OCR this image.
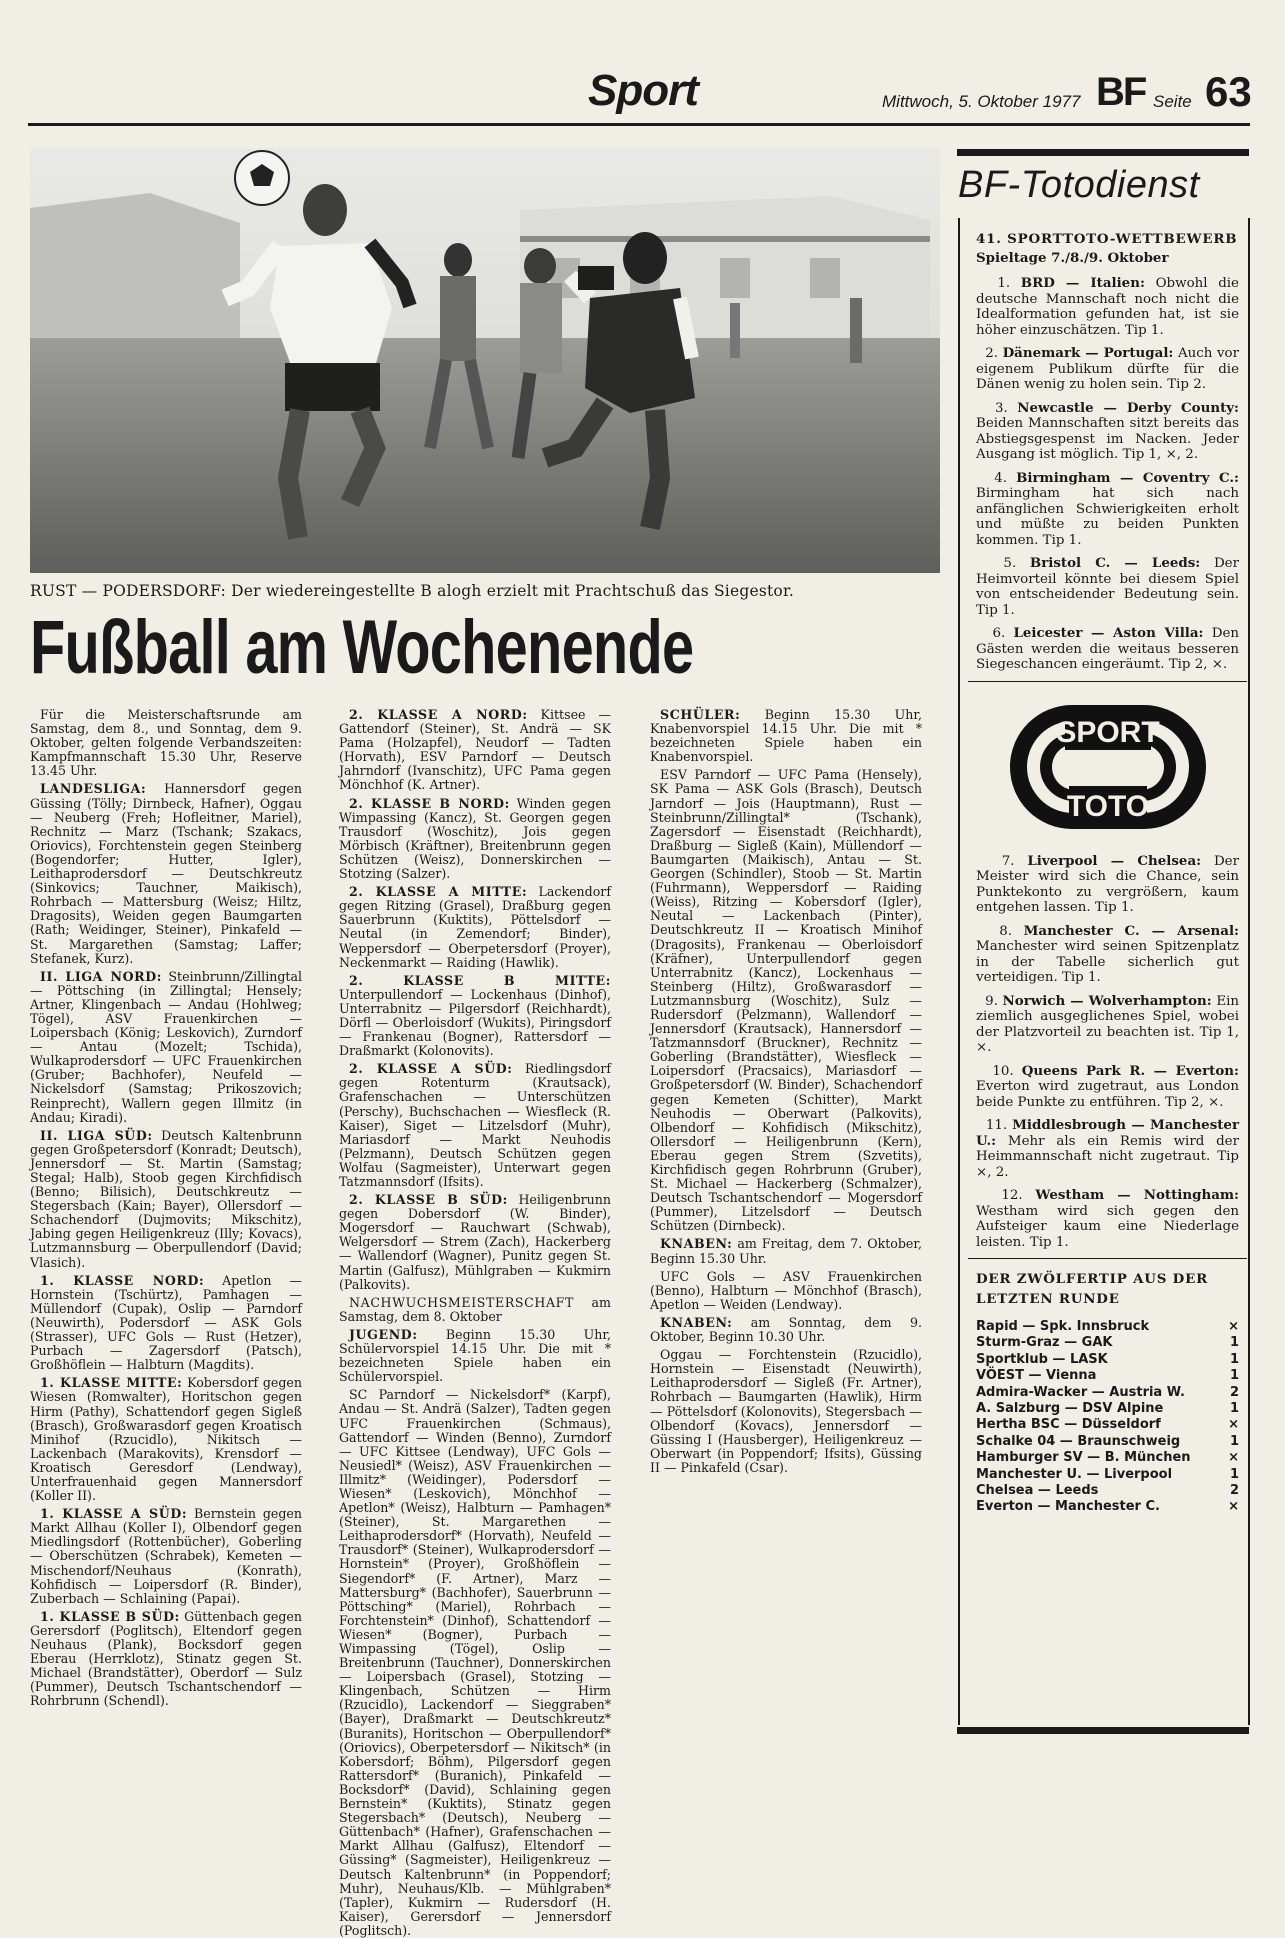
Sport	Mittwoch, 5. Oktober 1977 BF Seite 63
RUST — PODERSDORF: Der wiedereingestellte B alogh erzielt mit Prachtschuß das Siegestor.
Fußball am Wochenende

Für die Meisterschaftsrunde am Samstag, dem 8., und Sonntag, dem 9. Oktober, gelten folgende Verbandszeiten: Kampfmannschaft 15.30 Uhr, Reserve 13.45 Uhr.

LANDESLIGA: Hannersdorf gegen Güssing (Tölly; Dirnbeck, Hafner), Oggau — Neuberg (Freh; Hofleitner, Mariel), Rechnitz — Marz (Tschank; Szakacs, Oriovics), Forchtenstein gegen Steinberg (Bogendorfer; Hutter, Igler), Leithaprodersdorf — Deutschkreutz (Sinkovics; Tauchner, Maikisch), Rohrbach — Mattersburg (Weisz; Hiltz, Dragosits), Weiden gegen Baumgarten (Rath; Weidinger, Steiner), Pinkafeld — St. Margarethen (Samstag; Laffer; Stefanek, Kurz).

II. LIGA NORD: Steinbrunn/Zillingtal — Pöttsching (in Zillingtal; Hensely; Artner, Klingenbach — Andau (Hohlweg; Tögel), ASV Frauenkirchen — Loipersbach (König; Leskovich), Zurndorf — Antau (Mozelt; Tschida), Wulkaprodersdorf — UFC Frauenkirchen (Gruber; Bachhofer), Neufeld — Nickelsdorf (Samstag; Prikoszovich; Reinprecht), Wallern gegen Illmitz (in Andau; Kiradi).

II. LIGA SÜD: Deutsch Kaltenbrunn gegen Großpetersdorf (Konradt; Deutsch), Jennersdorf — St. Martin (Samstag; Stegal; Halb), Stoob gegen Kirchfidisch (Benno; Bilisich), Deutschkreutz — Stegersbach (Kain; Bayer), Ollersdorf — Schachendorf (Dujmovits; Mikschitz), Jabing gegen Heiligenkreuz (Illy; Kovacs), Lutzmannsburg — Oberpullendorf (David; Vlasich).

1. KLASSE NORD: Apetlon — Hornstein (Tschürtz), Pamhagen — Müllendorf (Cupak), Oslip — Parndorf (Neuwirth), Podersdorf — ASK Gols (Strasser), UFC Gols — Rust (Hetzer), Purbach — Zagersdorf (Patsch), Großhöflein — Halbturn (Magdits).

1. KLASSE MITTE: Kobersdorf gegen Wiesen (Romwalter), Horitschon gegen Hirm (Pathy), Schattendorf gegen Sigleß (Brasch), Großwarasdorf gegen Kroatisch Minihof (Rzucidlo), Nikitsch — Lackenbach (Marakovits), Krensdorf — Kroatisch Geresdorf (Lendway), Unterfrauenhaid gegen Mannersdorf (Koller II).

1. KLASSE A SÜD: Bernstein gegen Markt Allhau (Koller I), Olbendorf gegen Miedlingsdorf (Rottenbücher), Goberling — Oberschützen (Schrabek), Kemeten — Mischendorf/Neuhaus (Konrath), Kohfidisch — Loipersdorf (R. Binder), Zuberbach — Schlaining (Papai).

1. KLASSE B SÜD: Güttenbach gegen Gerersdorf (Poglitsch), Eltendorf gegen Neuhaus (Plank), Bocksdorf gegen Eberau (Herrklotz), Stinatz gegen St. Michael (Brandstätter), Oberdorf — Sulz (Pummer), Deutsch Tschantschendorf — Rohrbrunn (Schendl).

2. KLASSE A NORD: Kittsee — Gattendorf (Steiner), St. Andrä — SK Pama (Holzapfel), Neudorf — Tadten (Horvath), ESV Parndorf — Deutsch Jahrndorf (Ivanschitz), UFC Pama gegen Mönchhof (K. Artner).

2. KLASSE B NORD: Winden gegen Wimpassing (Kancz), St. Georgen gegen Trausdorf (Woschitz), Jois gegen Mörbisch (Kräftner), Breitenbrunn gegen Schützen (Weisz), Donnerskirchen — Stotzing (Salzer).

2. KLASSE A MITTE: Lackendorf gegen Ritzing (Grasel), Draßburg gegen Sauerbrunn (Kuktits), Pöttelsdorf — Neutal (in Zemendorf; Binder), Weppersdorf — Oberpetersdorf (Proyer), Neckenmarkt — Raiding (Hawlik).

2. KLASSE B MITTE: Unterpullendorf — Lockenhaus (Dinhof), Unterrabnitz — Pilgersdorf (Reichhardt), Dörfl — Oberloisdorf (Wukits), Piringsdorf — Frankenau (Bogner), Rattersdorf — Draßmarkt (Kolonovits).

2. KLASSE A SÜD: Riedlingsdorf gegen Rotenturm (Krautsack), Grafenschachen — Unterschützen (Perschy), Buchschachen — Wiesfleck (R. Kaiser), Siget — Litzelsdorf (Muhr), Mariasdorf — Markt Neuhodis (Pelzmann), Deutsch Schützen gegen Wolfau (Sagmeister), Unterwart gegen Tatzmannsdorf (Ifsits).

2. KLASSE B SÜD: Heiligenbrunn gegen Dobersdorf (W. Binder), Mogersdorf — Rauchwart (Schwab), Welgersdorf — Strem (Zach), Hackerberg — Wallendorf (Wagner), Punitz gegen St. Martin (Galfusz), Mühlgraben — Kukmirn (Palkovits).

NACHWUCHSMEISTERSCHAFT am Samstag, dem 8. Oktober

JUGEND: Beginn 15.30 Uhr, Schülervorspiel 14.15 Uhr. Die mit * bezeichneten Spiele haben ein Schülervorspiel.

SC Parndorf — Nickelsdorf* (Karpf), Andau — St. Andrä (Salzer), Tadten gegen UFC Frauenkirchen (Schmaus), Gattendorf — Winden (Benno), Zurndorf — UFC Kittsee (Lendway), UFC Gols — Neusiedl* (Weisz), ASV Frauenkirchen — Illmitz* (Weidinger), Podersdorf — Wiesen* (Leskovich), Mönchhof — Apetlon* (Weisz), Halbturn — Pamhagen* (Steiner), St. Margarethen — Leithaprodersdorf* (Horvath), Neufeld — Trausdorf* (Steiner), Wulkaprodersdorf — Hornstein* (Proyer), Großhöflein — Siegendorf* (F. Artner), Marz — Mattersburg* (Bachhofer), Sauerbrunn — Pöttsching* (Mariel), Rohrbach — Forchtenstein* (Dinhof), Schattendorf — Wiesen* (Bogner), Purbach — Wimpassing (Tögel), Oslip — Breitenbrunn (Tauchner), Donnerskirchen — Loipersbach (Grasel), Stotzing — Klingenbach, Schützen — Hirm (Rzucidlo), Lackendorf — Sieggraben* (Bayer), Draßmarkt — Deutschkreutz* (Buranits), Horitschon — Oberpullendorf* (Oriovics), Oberpetersdorf — Nikitsch* (in Kobersdorf; Böhm), Pilgersdorf gegen Rattersdorf* (Buranich), Pinkafeld — Bocksdorf* (David), Schlaining gegen Bernstein* (Kuktits), Stinatz gegen Stegersbach* (Deutsch), Neuberg — Güttenbach* (Hafner), Grafenschachen — Markt Allhau (Galfusz), Eltendorf — Güssing* (Sagmeister), Heiligenkreuz — Deutsch Kaltenbrunn* (in Poppendorf; Muhr), Neuhaus/Klb. — Mühlgraben* (Tapler), Kukmirn — Rudersdorf (H. Kaiser), Gerersdorf — Jennersdorf (Poglitsch).

SCHÜLER: Beginn 15.30 Uhr, Knabenvorspiel 14.15 Uhr. Die mit * bezeichneten Spiele haben ein Knabenvorspiel.

ESV Parndorf — UFC Pama (Hensely), SK Pama — ASK Gols (Brasch), Deutsch Jarndorf — Jois (Hauptmann), Rust — Steinbrunn/Zillingtal* (Tschank), Zagersdorf — Eisenstadt (Reichhardt), Draßburg — Sigleß (Kain), Müllendorf — Baumgarten (Maikisch), Antau — St. Georgen (Schindler), Stoob — St. Martin (Fuhrmann), Weppersdorf — Raiding (Weiss), Ritzing — Kobersdorf (Igler), Neutal — Lackenbach (Pinter), Deutschkreutz II — Kroatisch Minihof (Dragosits), Frankenau — Oberloisdorf (Kräfner), Unterpullendorf gegen Unterrabnitz (Kancz), Lockenhaus — Steinberg (Hiltz), Großwarasdorf — Lutzmannsburg (Woschitz), Sulz — Rudersdorf (Pelzmann), Wallendorf — Jennersdorf (Krautsack), Hannersdorf — Tatzmannsdorf (Bruckner), Rechnitz — Goberling (Brandstätter), Wiesfleck — Loipersdorf (Pracsaics), Mariasdorf — Großpetersdorf (W. Binder), Schachendorf gegen Kemeten (Schitter), Markt Neuhodis — Oberwart (Palkovits), Olbendorf — Kohfidisch (Mikschitz), Ollersdorf — Heiligenbrunn (Kern), Eberau gegen Strem (Szvetits), Kirchfidisch gegen Rohrbrunn (Gruber), St. Michael — Hackerberg (Schmalzer), Deutsch Tschantschendorf — Mogersdorf (Pummer), Litzelsdorf — Deutsch Schützen (Dirnbeck).

KNABEN: am Freitag, dem 7. Oktober, Beginn 15.30 Uhr.

UFC Gols — ASV Frauenkirchen (Benno), Halbturn — Mönchhof (Brasch), Apetlon — Weiden (Lendway).

KNABEN: am Sonntag, dem 9. Oktober, Beginn 10.30 Uhr.

Oggau — Forchtenstein (Rzucidlo), Hornstein — Eisenstadt (Neuwirth), Leithaprodersdorf — Sigleß (Fr. Artner), Rohrbach — Baumgarten (Hawlik), Hirm — Pöttelsdorf (Kolonovits), Stegersbach — Olbendorf (Kovacs), Jennersdorf — Güssing I (Hausberger), Heiligenkreuz — Oberwart (in Poppendorf; Ifsits), Güssing II — Pinkafeld (Csar).

BF-Totodienst

41. SPORTTOTO-WETTBEWERB

Spieltage 7./8./9. Oktober

1. BRD — Italien: Obwohl die deutsche Mannschaft noch nicht die Idealformation gefunden hat, ist sie höher einzuschätzen. Tip 1.

2. Dänemark — Portugal: Auch vor eigenem Publikum dürfte für die Dänen wenig zu holen sein. Tip 2.

3. Newcastle — Derby County: Beiden Mannschaften sitzt bereits das Abstiegsgespenst im Nacken. Jeder Ausgang ist möglich. Tip 1, ×, 2.

4. Birmingham — Coventry C.: Birmingham hat sich nach anfänglichen Schwierigkeiten erholt und müßte zu beiden Punkten kommen. Tip 1.

5. Bristol C. — Leeds: Der Heimvorteil könnte bei diesem Spiel von entscheidender Bedeutung sein. Tip 1.

6. Leicester — Aston Villa: Den Gästen werden die weitaus besseren Siegeschancen eingeräumt. Tip 2, ×.

SPORT
TOTO

7. Liverpool — Chelsea: Der Meister wird sich die Chance, sein Punktekonto zu vergrößern, kaum entgehen lassen. Tip 1.

8. Manchester C. — Arsenal: Manchester wird seinen Spitzenplatz in der Tabelle sicherlich gut verteidigen. Tip 1.

9. Norwich — Wolverhampton: Ein ziemlich ausgeglichenes Spiel, wobei der Platzvorteil zu beachten ist. Tip 1, ×.

10. Queens Park R. — Everton: Everton wird zugetraut, aus London beide Punkte zu entführen. Tip 2, ×.

11. Middlesbrough — Manchester U.: Mehr als ein Remis wird der Heimmannschaft nicht zugetraut. Tip ×, 2.

12. Westham — Nottingham: Westham wird sich gegen den Aufsteiger kaum eine Niederlage leisten. Tip 1.

DER ZWÖLFERTIP AUS DER LETZTEN RUNDE
Rapid — Spk. Innsbruck	×
Sturm-Graz — GAK	1
Sportklub — LASK	1
VÖEST — Vienna	1
Admira-Wacker — Austria W.	2
A. Salzburg — DSV Alpine	1
Hertha BSC — Düsseldorf	×
Schalke 04 — Braunschweig	1
Hamburger SV — B. München	×
Manchester U. — Liverpool	1
Chelsea — Leeds	2
Everton — Manchester C.	×
